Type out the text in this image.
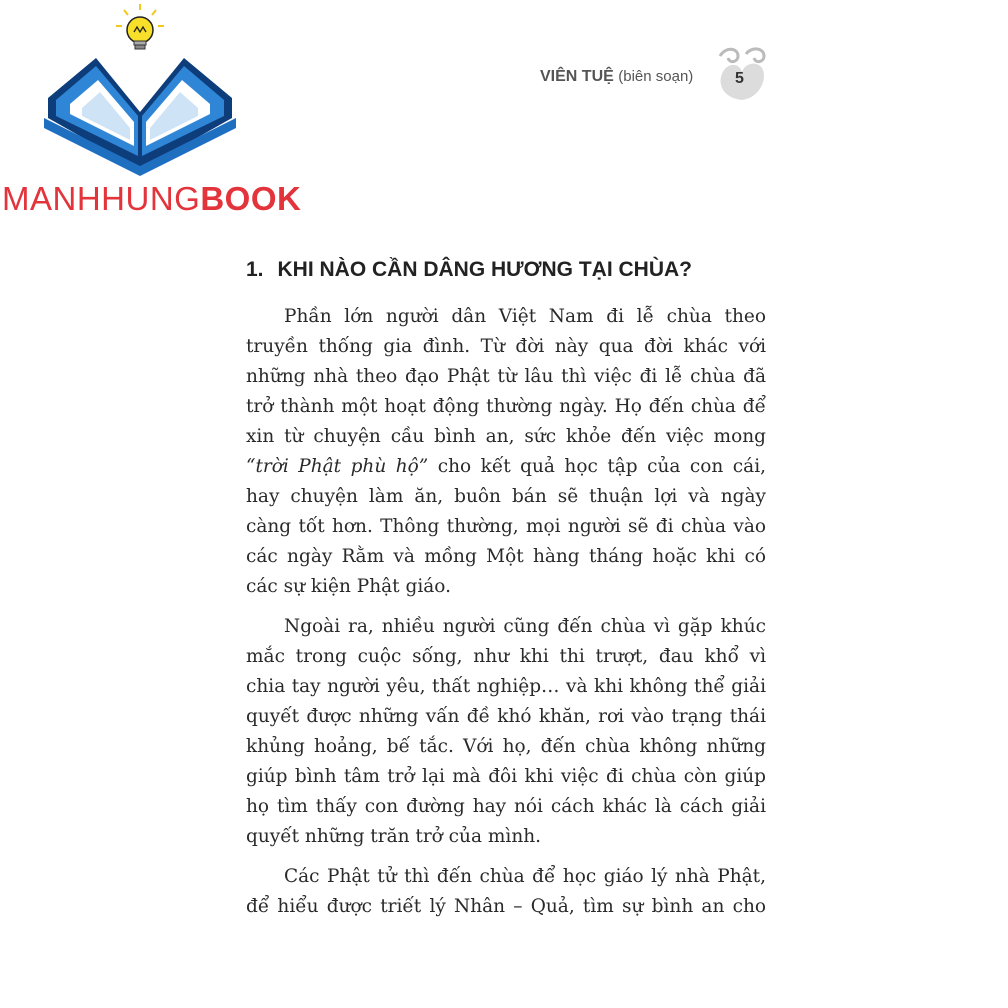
MANHHUNGBOOK
VIÊN TUỆ (biên soạn)	5
1. KHI NÀO CẦN DÂNG HƯƠNG TẠI CHÙA?
Phần lớn người dân Việt Nam đi lễ chùa theo
truyền thống gia đình. Từ đời này qua đời khác với
những nhà theo đạo Phật từ lâu thì việc đi lễ chùa đã
trở thành một hoạt động thường ngày. Họ đến chùa để
xin từ chuyện cầu bình an, sức khỏe đến việc mong
“trời Phật phù hộ” cho kết quả học tập của con cái,
hay chuyện làm ăn, buôn bán sẽ thuận lợi và ngày
càng tốt hơn. Thông thường, mọi người sẽ đi chùa vào
các ngày Rằm và mồng Một hàng tháng hoặc khi có
các sự kiện Phật giáo.
Ngoài ra, nhiều người cũng đến chùa vì gặp khúc
mắc trong cuộc sống, như khi thi trượt, đau khổ vì
chia tay người yêu, thất nghiệp… và khi không thể giải
quyết được những vấn đề khó khăn, rơi vào trạng thái
khủng hoảng, bế tắc. Với họ, đến chùa không những
giúp bình tâm trở lại mà đôi khi việc đi chùa còn giúp
họ tìm thấy con đường hay nói cách khác là cách giải
quyết những trăn trở của mình.
Các Phật tử thì đến chùa để học giáo lý nhà Phật,
để hiểu được triết lý Nhân – Quả, tìm sự bình an cho
